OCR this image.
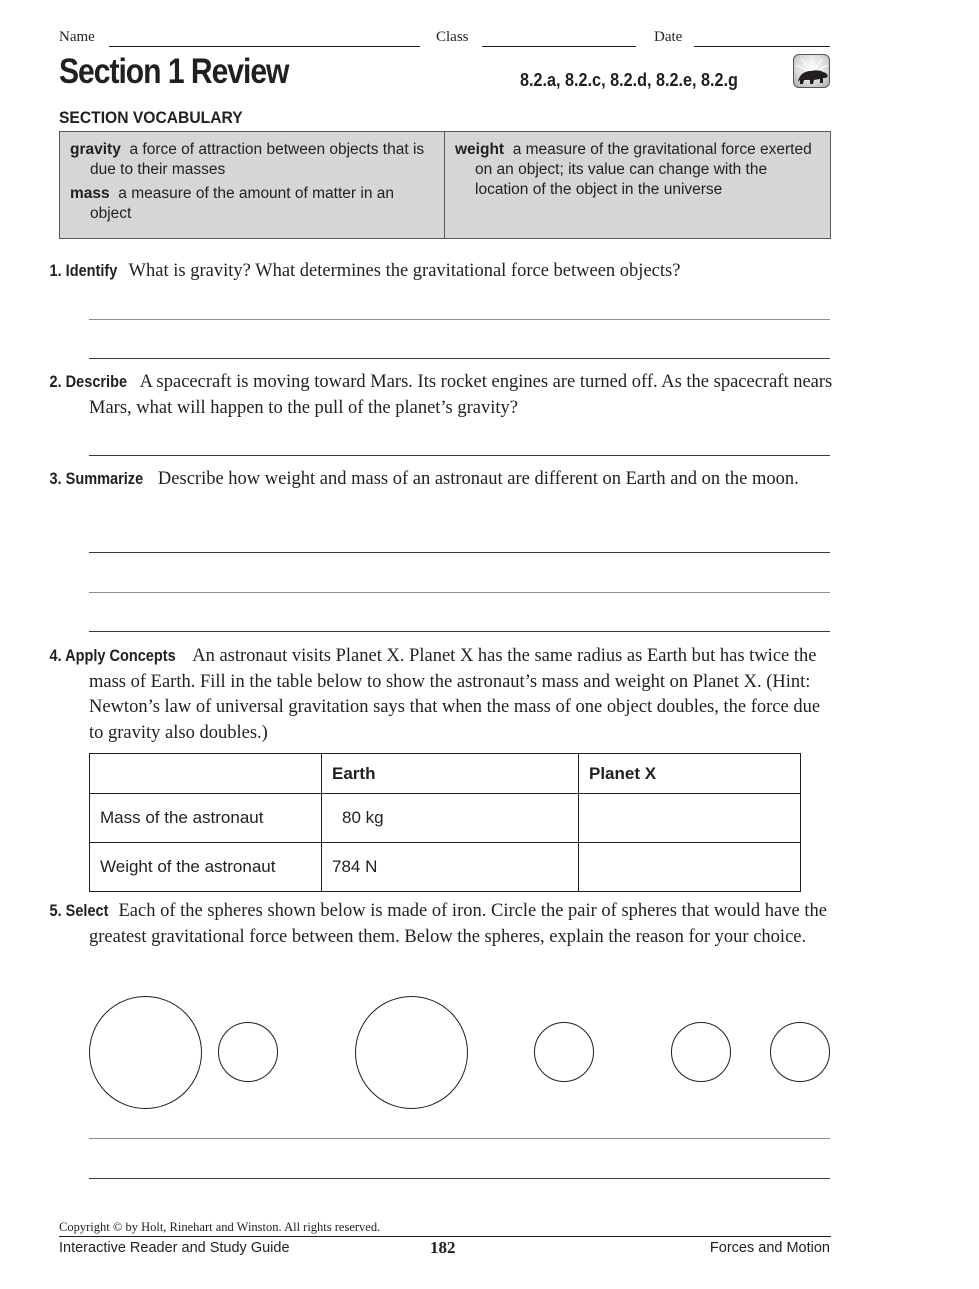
Name	Class	Date
Section 1 Review	8.2.a, 8.2.c, 8.2.d, 8.2.e, 8.2.g
SECTION VOCABULARY
gravity a force of attraction between objects that is due to their masses
mass a measure of the amount of matter in an object
weight a measure of the gravitational force exerted on an object; its value can change with the location of the object in the universe
1. Identify What is gravity? What determines the gravitational force between objects?
2. Describe A spacecraft is moving toward Mars. Its rocket engines are turned off. As the spacecraft nears Mars, what will happen to the pull of the planet’s gravity?
3. Summarize Describe how weight and mass of an astronaut are different on Earth and on the moon.
4. Apply Concepts An astronaut visits Planet X. Planet X has the same radius as Earth but has twice the mass of Earth. Fill in the table below to show the astronaut’s mass and weight on Planet X. (Hint: Newton’s law of universal gravitation says that when the mass of one object doubles, the force due to gravity also doubles.)
	Earth	Planet X
Mass of the astronaut	80 kg	
Weight of the astronaut	784 N	
5. Select Each of the spheres shown below is made of iron. Circle the pair of spheres that would have the greatest gravitational force between them. Below the spheres, explain the reason for your choice.
Copyright © by Holt, Rinehart and Winston. All rights reserved.
Interactive Reader and Study Guide	182	Forces and Motion
